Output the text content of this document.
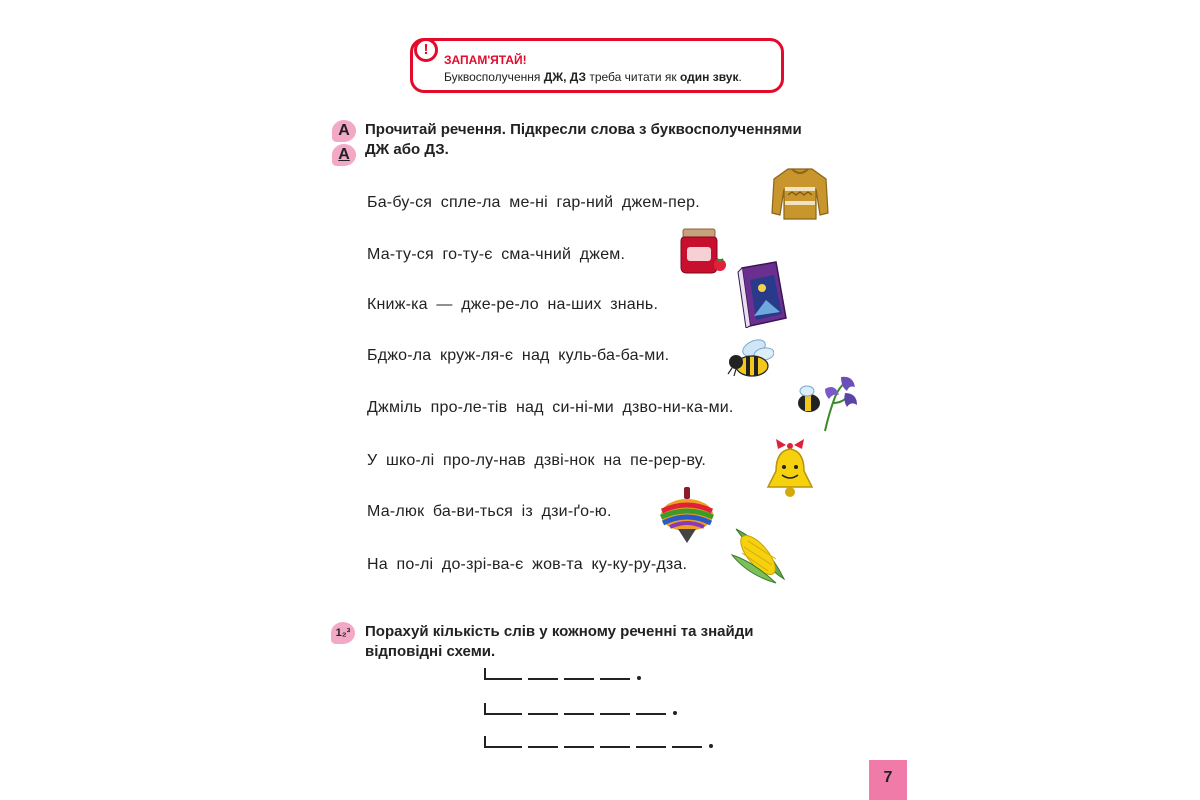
!
ЗАПАМ'ЯТАЙ!
Буквосполучення ДЖ, ДЗ треба читати як один звук.
А
А
Прочитай речення. Підкресли слова з буквосполученнями
ДЖ або ДЗ.
Ба-бу-ся спле-ла ме-ні гар-ний джем-пер.
Ма-ту-ся го-ту-є сма-чний джем.
Книж-ка — дже-ре-ло на-ших знань.
Бджо-ла круж-ля-є над куль-ба-ба-ми.
Джміль про-ле-тів над си-ні-ми дзво-ни-ка-ми.
У шко-лі про-лу-нав дзві-нок на пе-рер-ву.
Ма-люк ба-ви-ться із дзи-ґо-ю.
На по-лі до-зрі-ва-є жов-та ку-ку-ру-дза.
1₂³ Порахуй кількість слів у кожному реченні та знайди
відповідні схеми.
7
